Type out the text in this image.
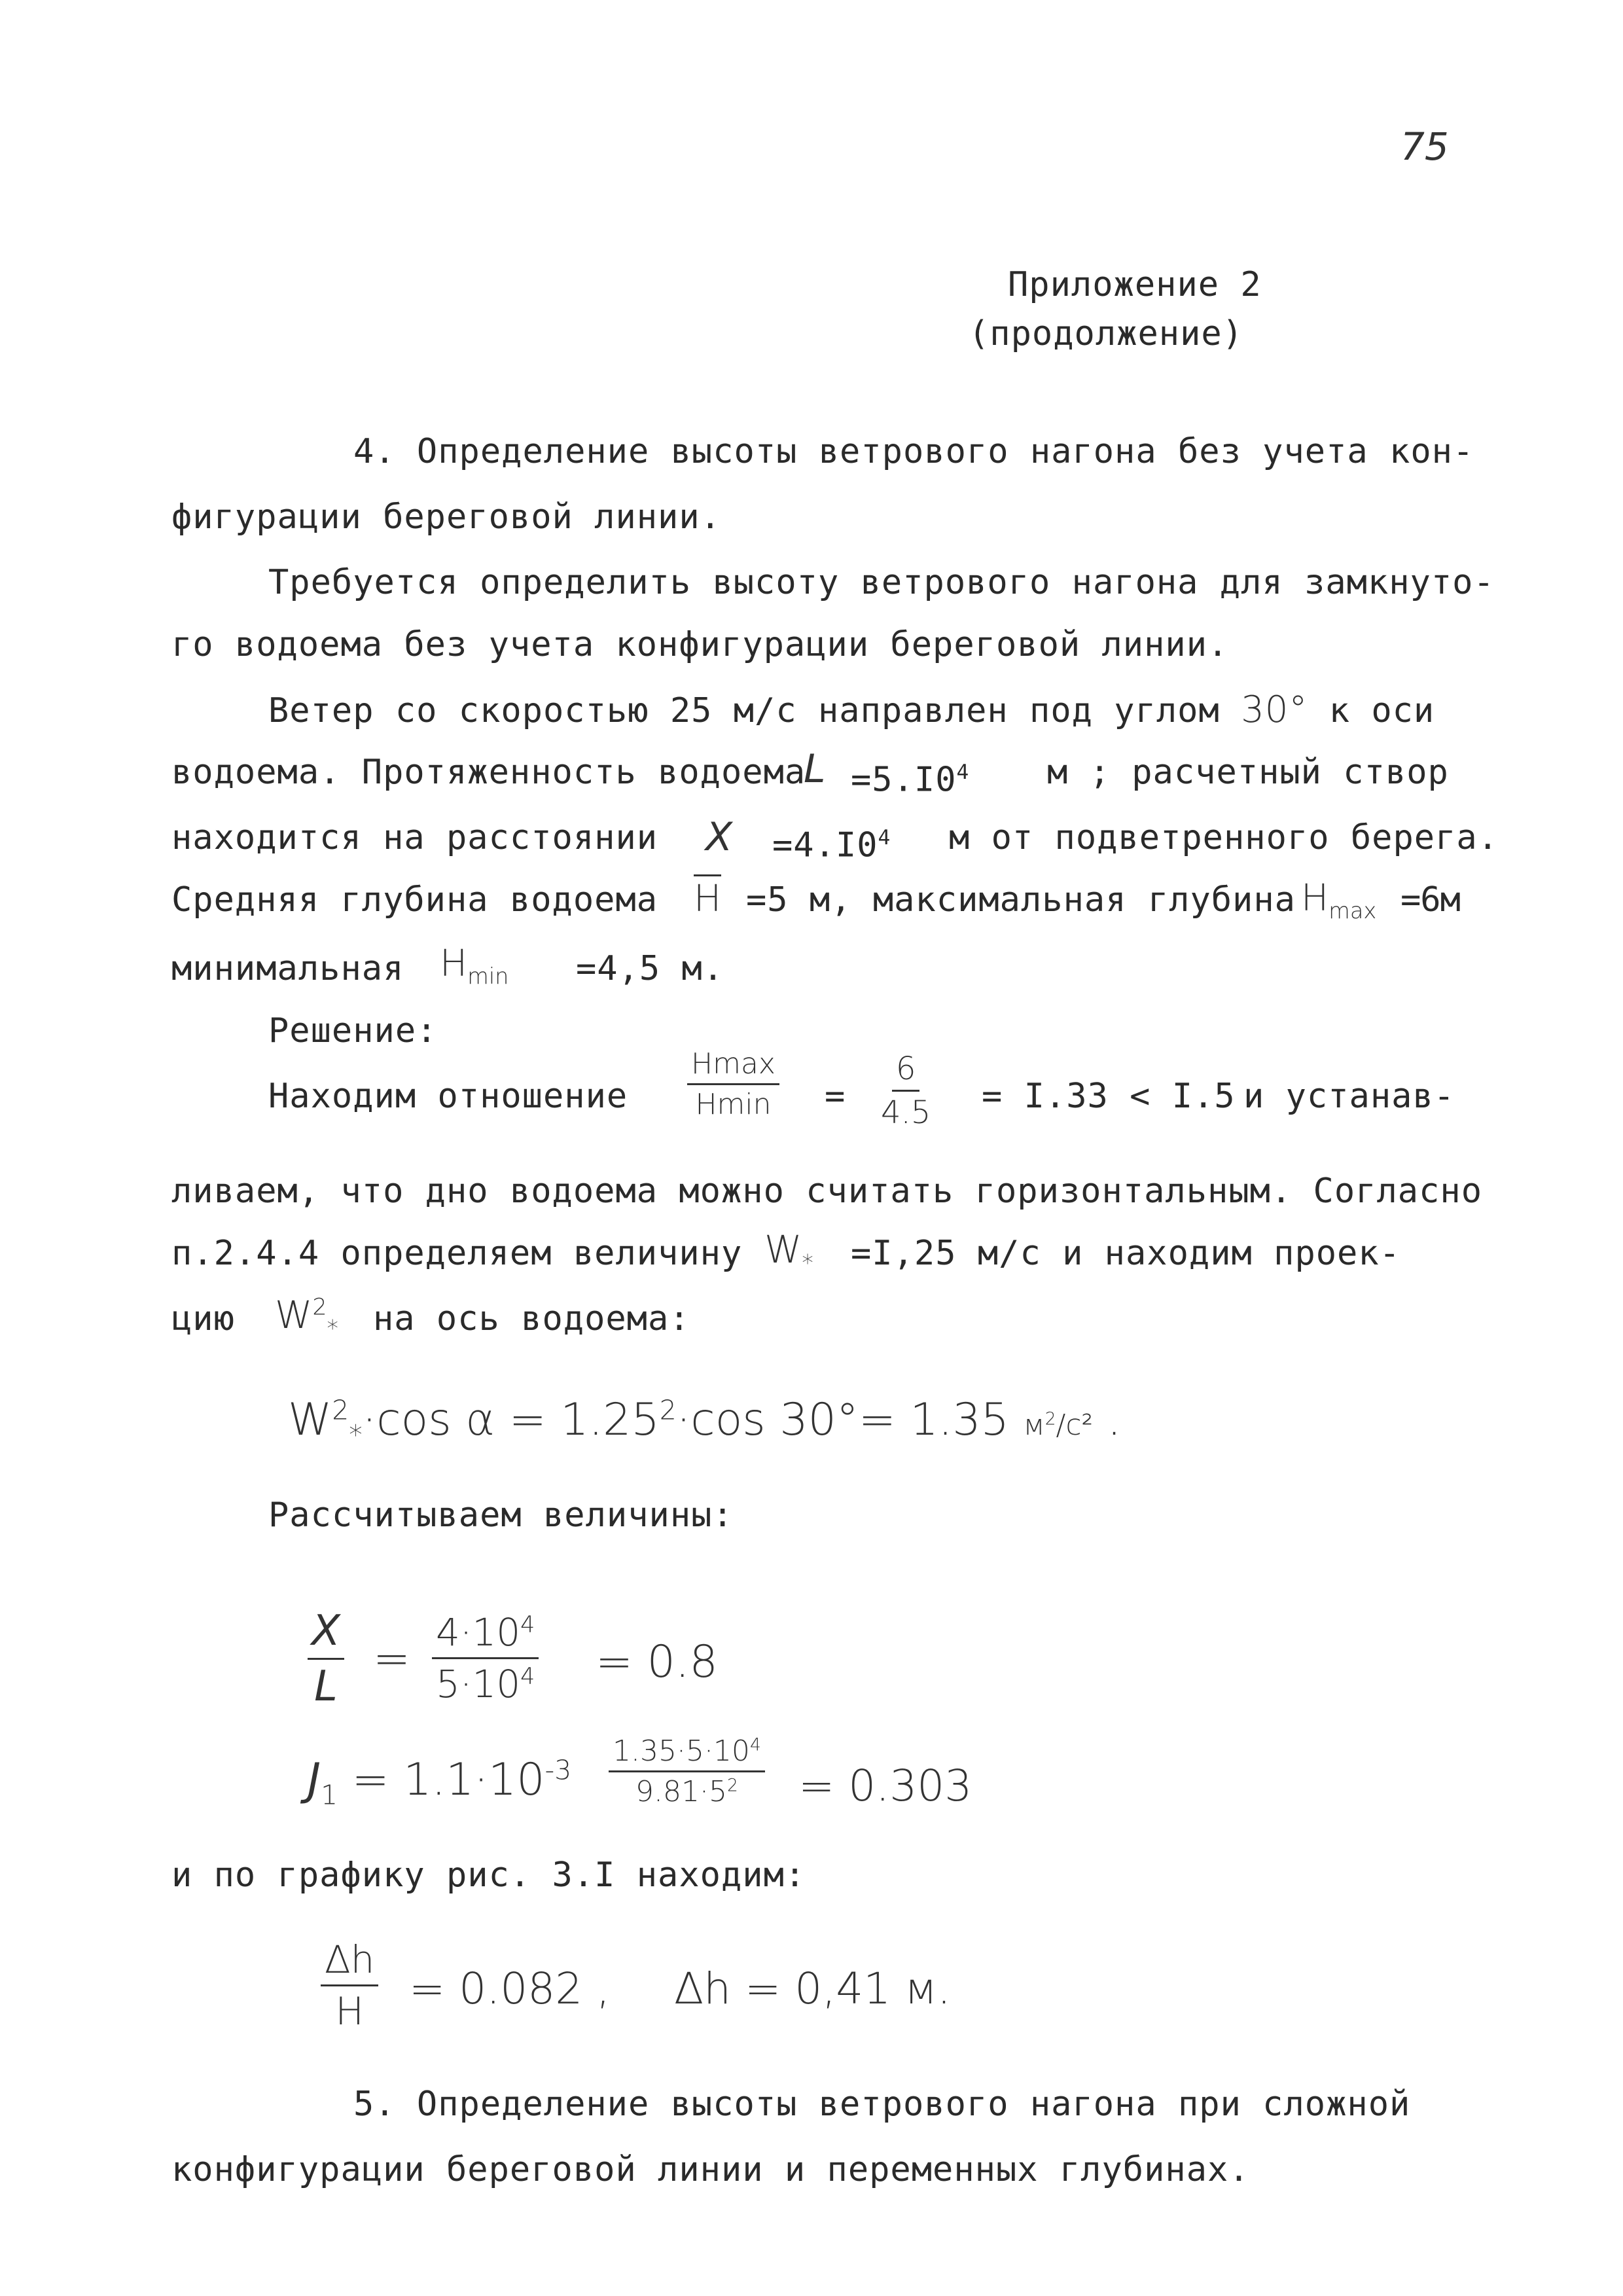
75
Приложение 2
(продолжение)
4. Определение высоты ветрового нагона без учета кон-
фигурации береговой линии.
Требуется определить высоту ветрового нагона для замкнуто-
го водоема без учета конфигурации береговой линии.
Ветер со скоростью 25 м/с направлен под углом 30° к оси
водоема. Протяженность водоема
$L =5.I0^4$ м ; расчетный створ
находится на расстоянии $X =4.I0^4$ м от подветренного берега.
Средняя глубина водоема H =5 м, максимальная глубина $H_{max} =6м$
минимальная $H_{min} =4,5$ м.
Решение:
Находим отношение
Hmax
$Hmin = \frac{6}{4.5} = I.33 < I.5$ и устанав-
ливаем, что дно водоема можно считать горизонтальным. Согласно
п.2.4.4 определяем величину $W_* =I,25$ м/с и находим проек-
цию $W^2_*$ на ось водоема:
$W^2_*\cdot\cos$ $\alpha = 1.25^2\cdot\cos$ 30°= 1.35 $м^2/с^2$ .
Рассчитываем величины:
$\frac{X}{L} = \frac{4\cdot 10^4}{5\cdot 10^4} = 0.8$
$J_1 = 1.1\cdot 10^{-3} \frac{1.35\cdot 5\cdot 10^4}{9.81\cdot 5^2} = 0.303$
и по графику рис. 3.I находим:
$\frac{\Delta h}{H} = 0.082$ , Δh = 0,41 м.
5. Определение высоты ветрового нагона при сложной
конфигурации береговой линии и переменных глубинах.
